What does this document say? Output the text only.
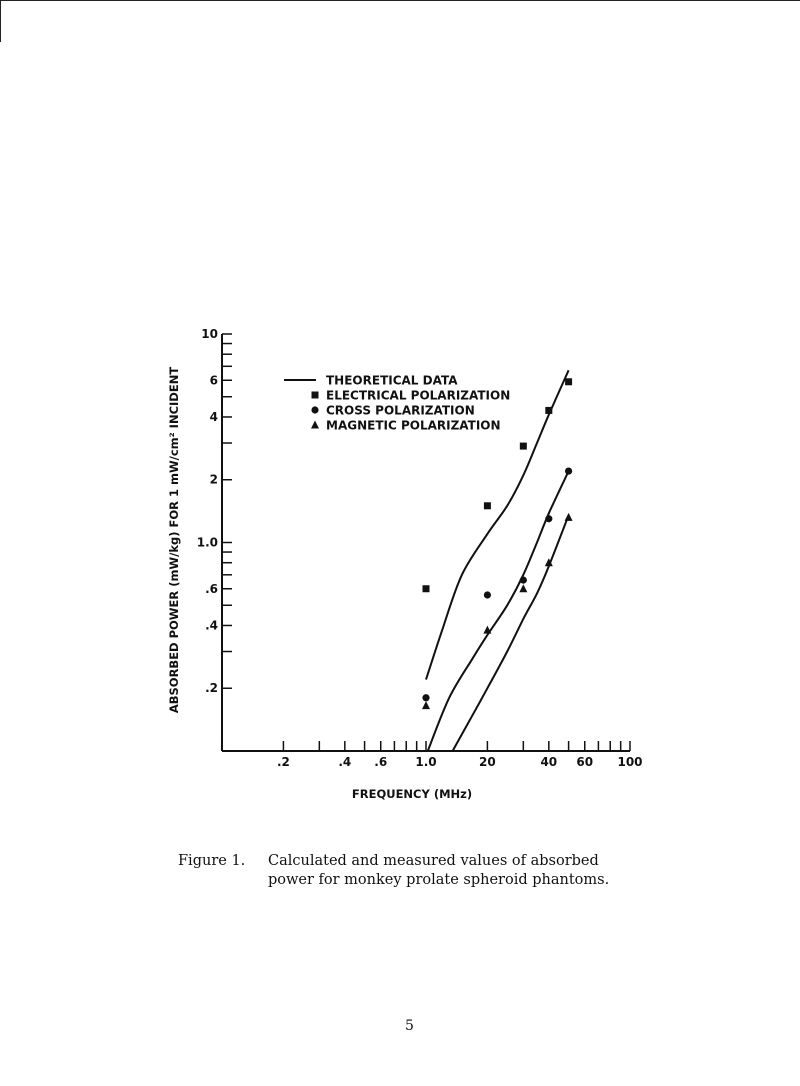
.2
.4
.6
1.0
2
4
6
10
.2	.4 .6 1.0	20	40 60 100
THEORETICAL DATA
ELECTRICAL POLARIZATION
CROSS POLARIZATION
MAGNETIC POLARIZATION
FREQUENCY (MHz)
ABSORBED POWER (mW/kg) FOR 1 mW/cm² INCIDENT
Figure 1. Calculated and measured values of absorbed power for monkey prolate spheroid phantoms.
5
